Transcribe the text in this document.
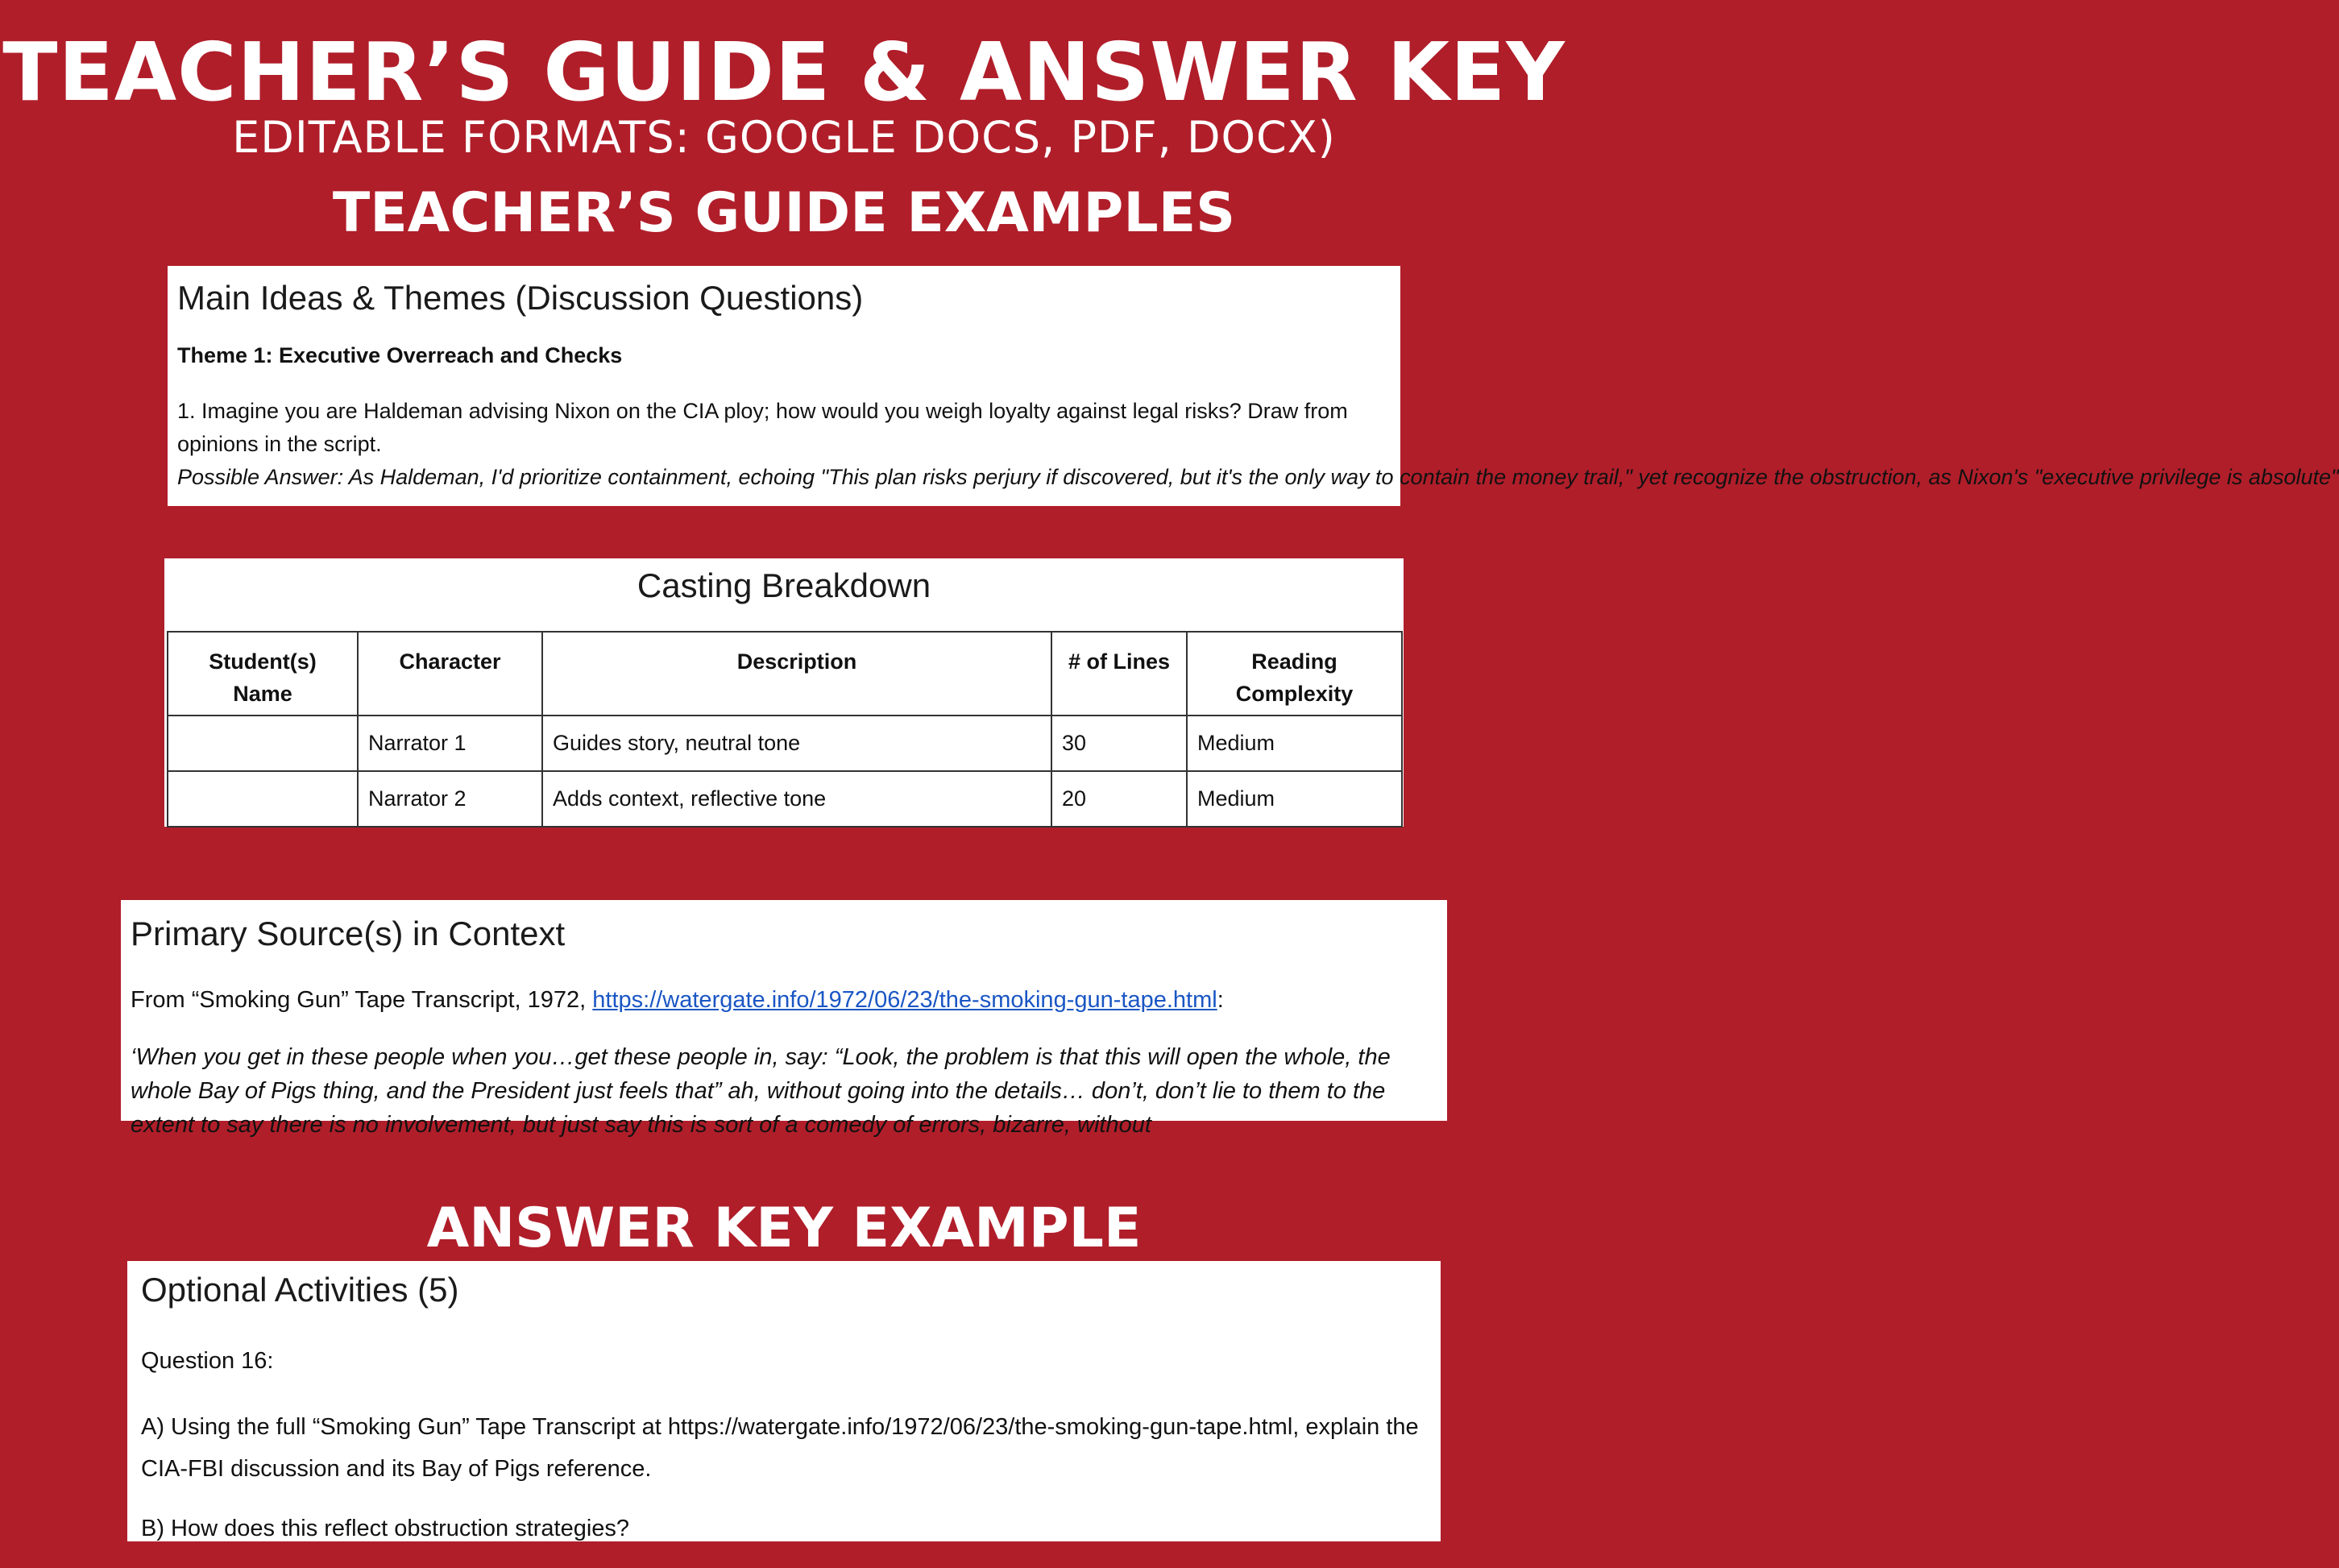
TEACHER’S GUIDE & ANSWER KEY
EDITABLE FORMATS: GOOGLE DOCS, PDF, DOCX)
TEACHER’S GUIDE EXAMPLES
Main Ideas & Themes (Discussion Questions)
Theme 1: Executive Overreach and Checks
1. Imagine you are Haldeman advising Nixon on the CIA ploy; how would you weigh loyalty against legal risks? Draw from opinions in the script.
Possible Answer: As Haldeman, I'd prioritize containment, echoing "This plan risks perjury if discovered, but it's the only way to contain the money trail," yet recognize the obstruction, as Nixon's "executive privilege is absolute"
Casting Breakdown
Student(s) Name	Character	Description	# of Lines	Reading Complexity
	Narrator 1	Guides story, neutral tone	30	Medium
	Narrator 2	Adds context, reflective tone	20	Medium
Primary Source(s) in Context
From “Smoking Gun” Tape Transcript, 1972, https://watergate.info/1972/06/23/the-smoking-gun-tape.html:
‘When you get in these people when you…get these people in, say: “Look, the problem is that this will open the whole, the whole Bay of Pigs thing, and the President just feels that” ah, without going into the details… don’t, don’t lie to them to the extent to say there is no involvement, but just say this is sort of a comedy of errors, bizarre, without
ANSWER KEY EXAMPLE
Optional Activities (5)
Question 16:
A) Using the full “Smoking Gun” Tape Transcript at https://watergate.info/1972/06/23/the-smoking-gun-tape.html, explain the CIA-FBI discussion and its Bay of Pigs reference.
B) How does this reflect obstruction strategies?
